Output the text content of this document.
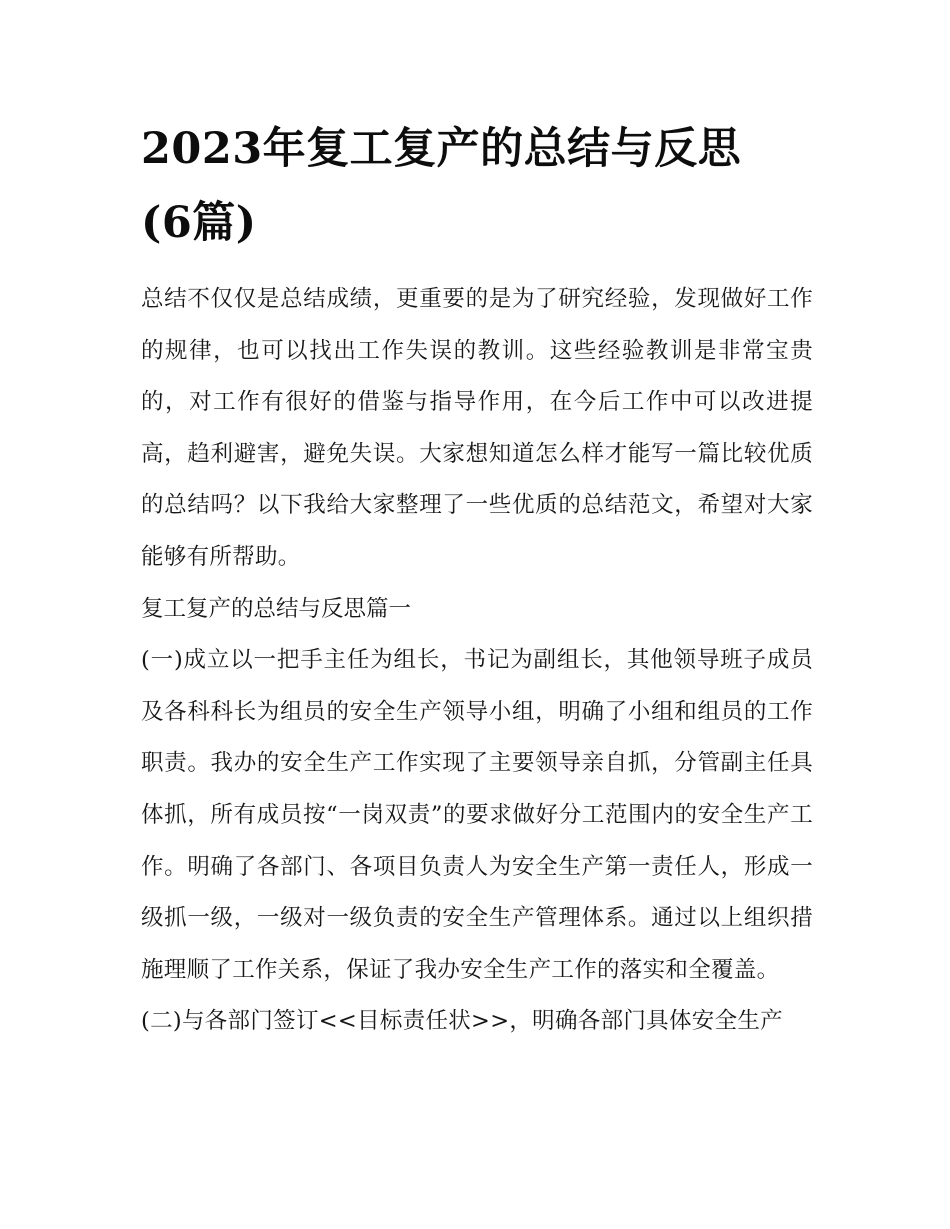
2023年复工复产的总结与反思
(6篇)

总结不仅仅是总结成绩，更重要的是为了研究经验，发现做好工作的规律，也可以找出工作失误的教训。这些经验教训是非常宝贵的，对工作有很好的借鉴与指导作用，在今后工作中可以改进提高，趋利避害，避免失误。大家想知道怎么样才能写一篇比较优质的总结吗？以下我给大家整理了一些优质的总结范文，希望对大家能够有所帮助。

复工复产的总结与反思篇一

(一)成立以一把手主任为组长，书记为副组长，其他领导班子成员及各科科长为组员的安全生产领导小组，明确了小组和组员的工作职责。我办的安全生产工作实现了主要领导亲自抓，分管副主任具体抓，所有成员按“一岗双责”的要求做好分工范围内的安全生产工作。明确了各部门、各项目负责人为安全生产第一责任人，形成一级抓一级，一级对一级负责的安全生产管理体系。通过以上组织措施理顺了工作关系，保证了我办安全生产工作的落实和全覆盖。

(二)与各部门签订<<目标责任状>>，明确各部门具体安全生产
